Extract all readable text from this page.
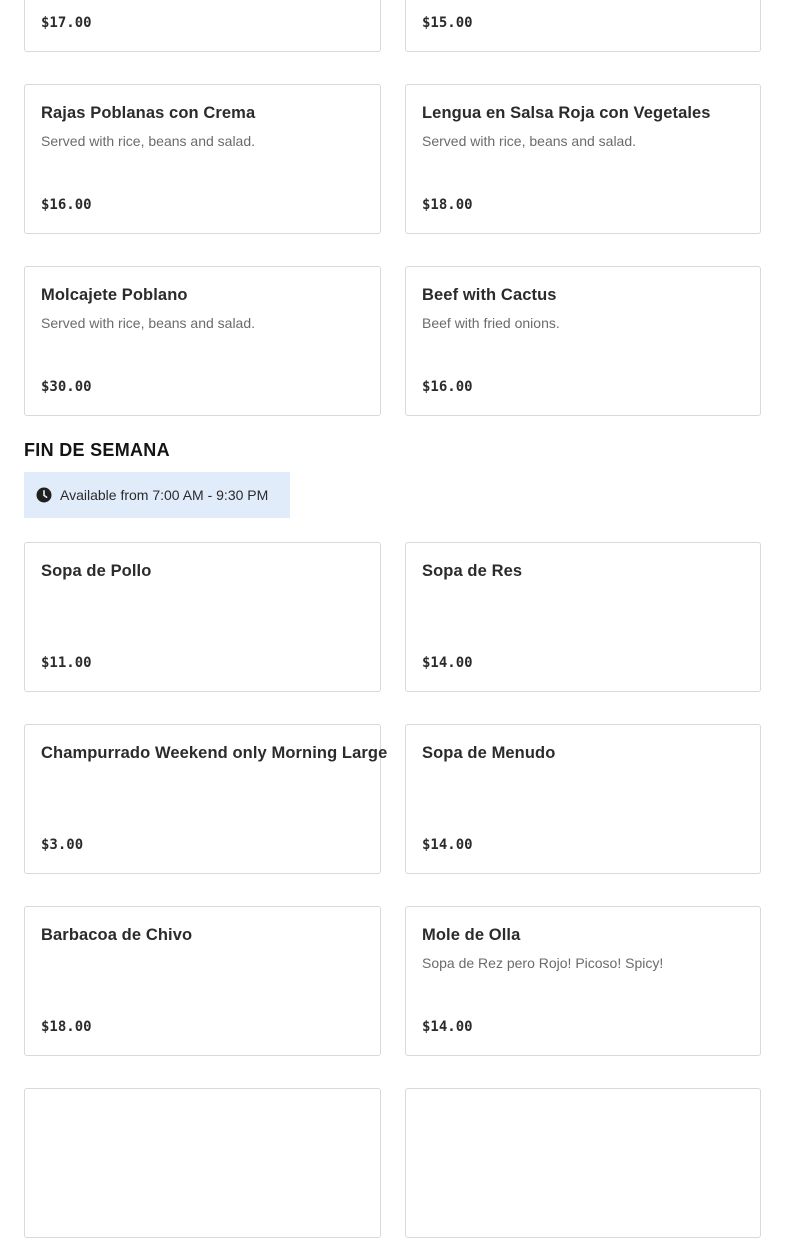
$17.00	$15.00
Rajas Poblanas con Crema
Served with rice, beans and salad.
$16.00
Lengua en Salsa Roja con Vegetales
Served with rice, beans and salad.
$18.00
Molcajete Poblano
Served with rice, beans and salad.
$30.00
Beef with Cactus
Beef with fried onions.
$16.00
FIN DE SEMANA
Available from 7:00 AM - 9:30 PM
Sopa de Pollo
$11.00
Sopa de Res
$14.00
Champurrado Weekend only Morning Large
$3.00
Sopa de Menudo
$14.00
Barbacoa de Chivo
$18.00
Mole de Olla
Sopa de Rez pero Rojo! Picoso! Spicy!
$14.00
